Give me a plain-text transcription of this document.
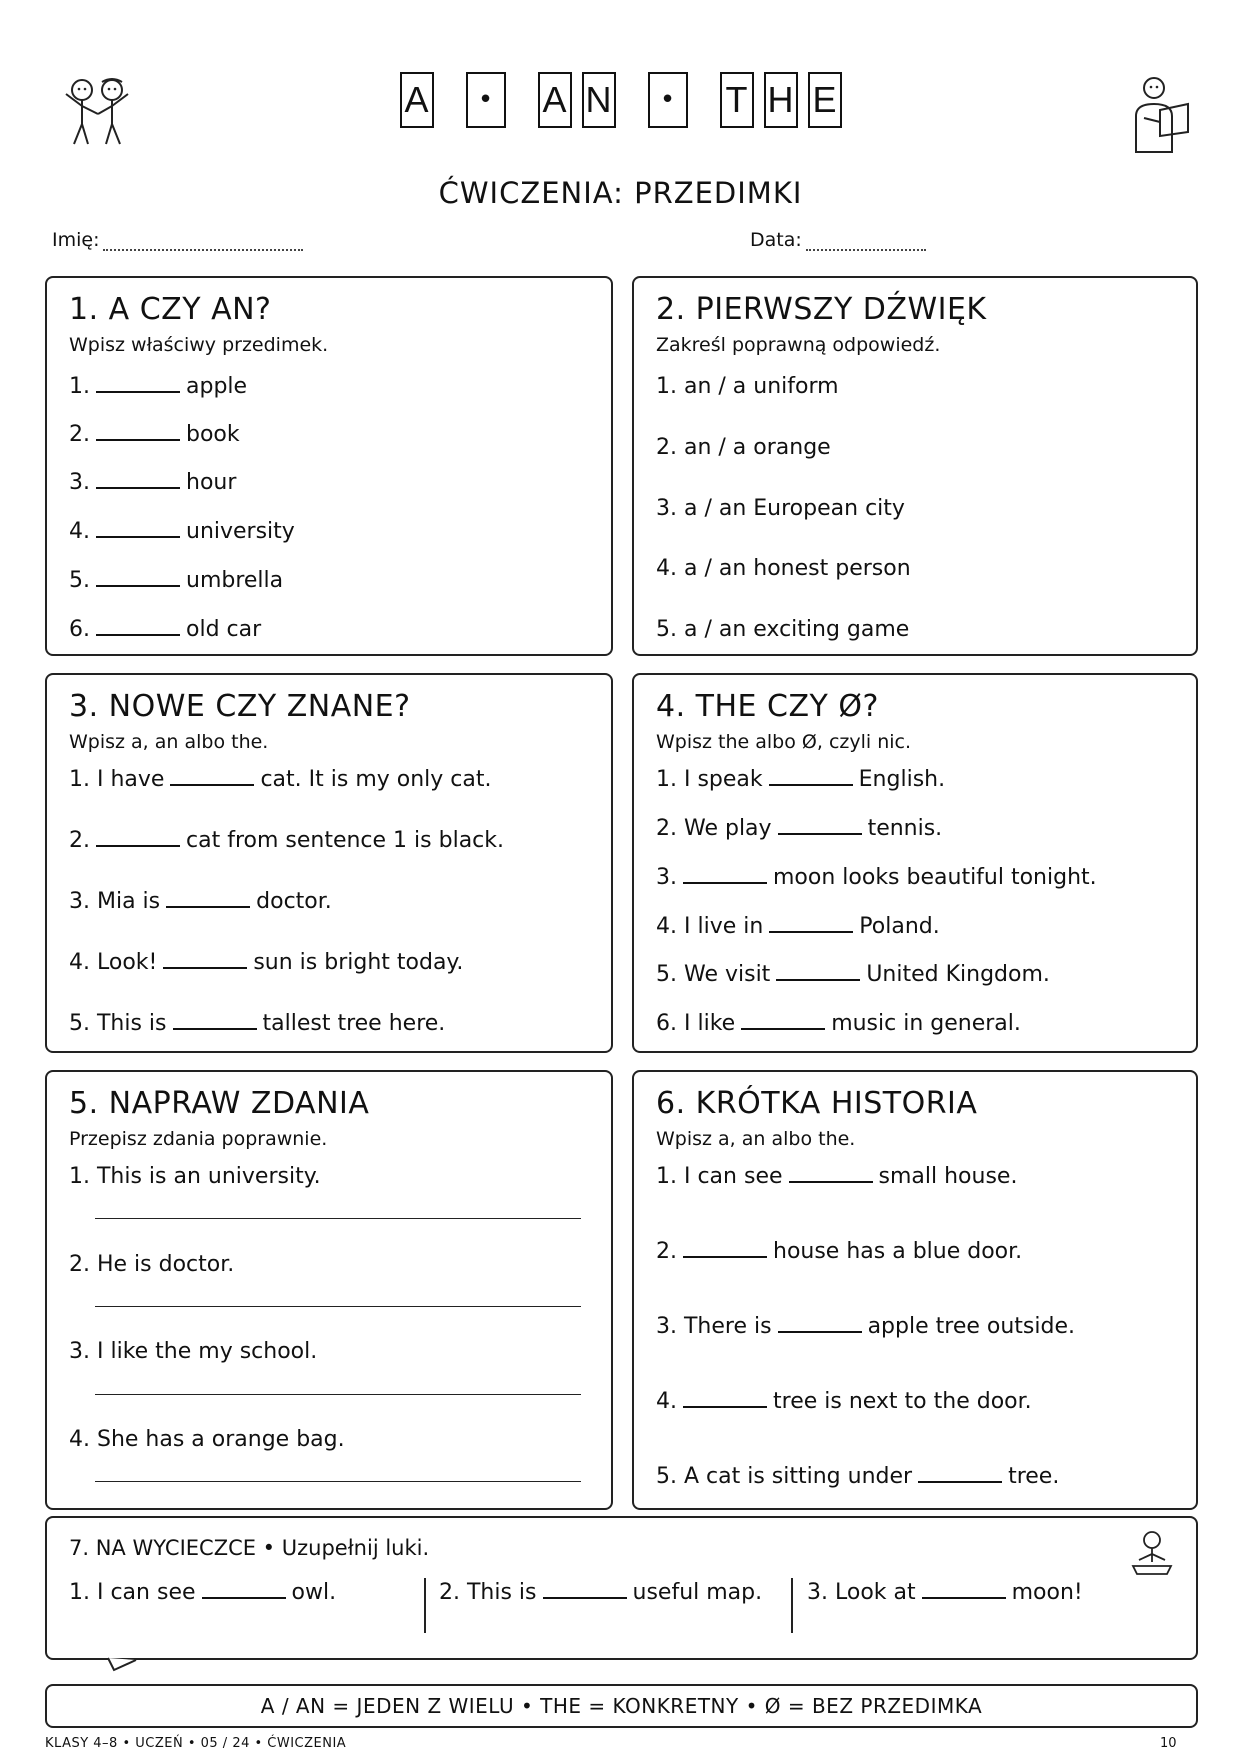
A	•	A N	•	T H E
ĆWICZENIA: PRZEDIMKI
Imię:	Data:
1. A CZY AN?
Wpisz właściwy przedimek.
1.	apple
2.	book
3.	hour
4.	university
5.	umbrella
6.	old car
2. PIERWSZY DŹWIĘK
Zakreśl poprawną odpowiedź.
1. an / a uniform
2. an / a orange
3. a / an European city
4. a / an honest person
5. a / an exciting game
3. NOWE CZY ZNANE?
Wpisz a, an albo the.
1. I have	cat. It is my only cat.
2.	cat from sentence 1 is black.
3. Mia is	doctor.
4. Look!	sun is bright today.
5. This is	tallest tree here.
4. THE CZY Ø?
Wpisz the albo Ø, czyli nic.
1. I speak	English.
2. We play	tennis.
3.	moon looks beautiful tonight.
4. I live in	Poland.
5. We visit	United Kingdom.
6. I like	music in general.
5. NAPRAW ZDANIA
Przepisz zdania poprawnie.
1. This is an university.
2. He is doctor.
3. I like the my school.
4. She has a orange bag.
6. KRÓTKA HISTORIA
Wpisz a, an albo the.
1. I can see	small house.
2.	house has a blue door.
3. There is	apple tree outside.
4.	tree is next to the door.
5. A cat is sitting under	tree.
7. NA WYCIECZCE • Uzupełnij luki.
1. I can see	owl.	2. This is	useful map. 3. Look at	moon!
A / AN = JEDEN Z WIELU • THE = KONKRETNY • Ø = BEZ PRZEDIMKA
KLASY 4–8 • UCZEŃ • 05 / 24 • ĆWICZENIA	10
